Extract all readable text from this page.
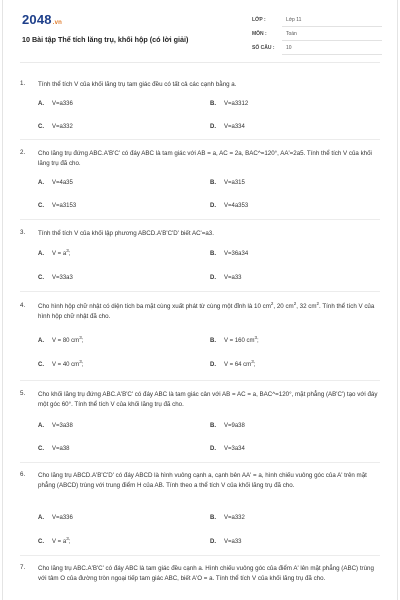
2048.vn
10 Bài tập Thể tích lăng trụ, khối hộp (có lời giải)
LỚP :	Lớp 11
MÔN :	Toán
SỐ CÂU : 10
1. Tính thể tích V của khối lăng trụ tam giác đều có tất cả các cạnh bằng a.
A. V=a336	B. V=a3312
C. V=a332	D. V=a334
2. Cho lăng trụ đứng ABC.A'B'C' có đáy ABC là tam giác với AB = a, AC = 2a, BAC^=120°, AA'=2a5. Tính thể tích V của khối lăng trụ đã cho.
A. V=4a35	B. V=a315
C. V=a3153	D. V=4a353
3. Tính thể tích V của khối lập phương ABCD.A'B'C'D' biết AC'=a3.
A. $V = a^3$;	B. V=36a34
C. V=33a3	D. V=a33
4. Cho hình hộp chữ nhật có diện tích ba mặt cùng xuất phát từ cùng một đỉnh là 10 $cm^2$, 20 $cm^2$, 32 $cm^2$. Tính thể tích V của hình hộp chữ nhật đã cho.
A. V = 80 $cm^3$;	B. V = 160 $cm^3$;
C. V = 40 $cm^3$;	D. V = 64 $cm^3$;
5. Cho khối lăng trụ đứng ABC.A'B'C' có đáy ABC là tam giác cân với AB = AC = a, BAC^=120°, mặt phẳng (AB'C') tạo với đáy một góc 60°. Tính thể tích V của khối lăng trụ đã cho.
A. V=3a38	B. V=9a38
C. V=a38	D. V=3a34
6. Cho lăng trụ ABCD.A'B'C'D' có đáy ABCD là hình vuông cạnh a, cạnh bên AA' = a, hình chiếu vuông góc của A' trên mặt phẳng (ABCD) trùng với trung điểm H của AB. Tính theo a thể tích V của khối lăng trụ đã cho.
A. V=a336	B. V=a332
C. $V = a^3$;	D. V=a33
7. Cho lăng trụ ABC.A'B'C' có đáy ABC là tam giác đều cạnh a. Hình chiếu vuông góc của điểm A' lên mặt phẳng (ABC) trùng với tâm O của đường tròn ngoại tiếp tam giác ABC, biết A'O = a. Tính thể tích V của khối lăng trụ đã cho.
